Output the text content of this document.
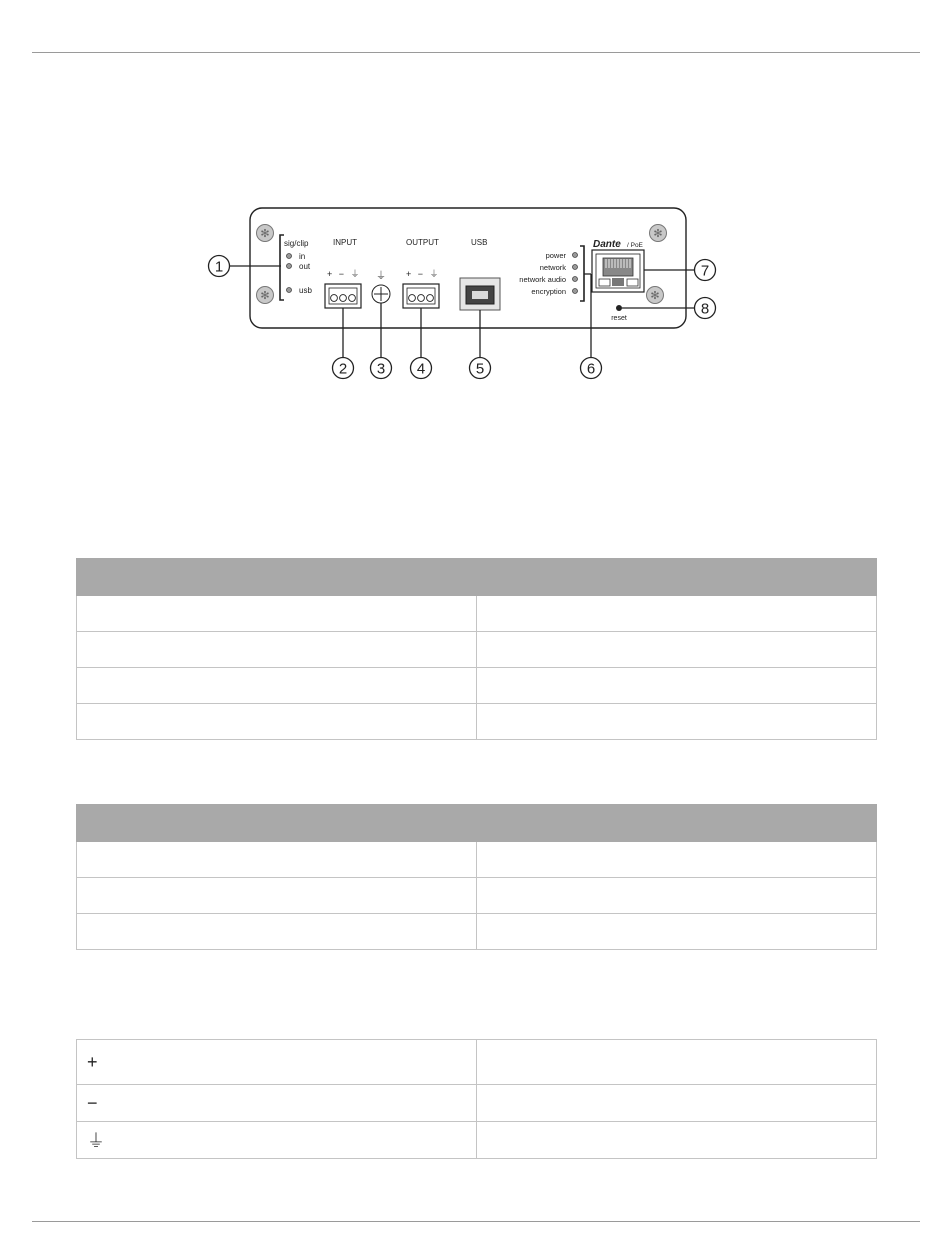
✻
✻
✻
✻
sig/clip
in
out
usb
INPUT
+ − ⏚ ⏚
OUTPUT
+ − ⏚
USB
power
network
network audio
encryption
Dante / PoE
reset
1
2 3 4	5	6
7
8

+	
−	
⏚	
